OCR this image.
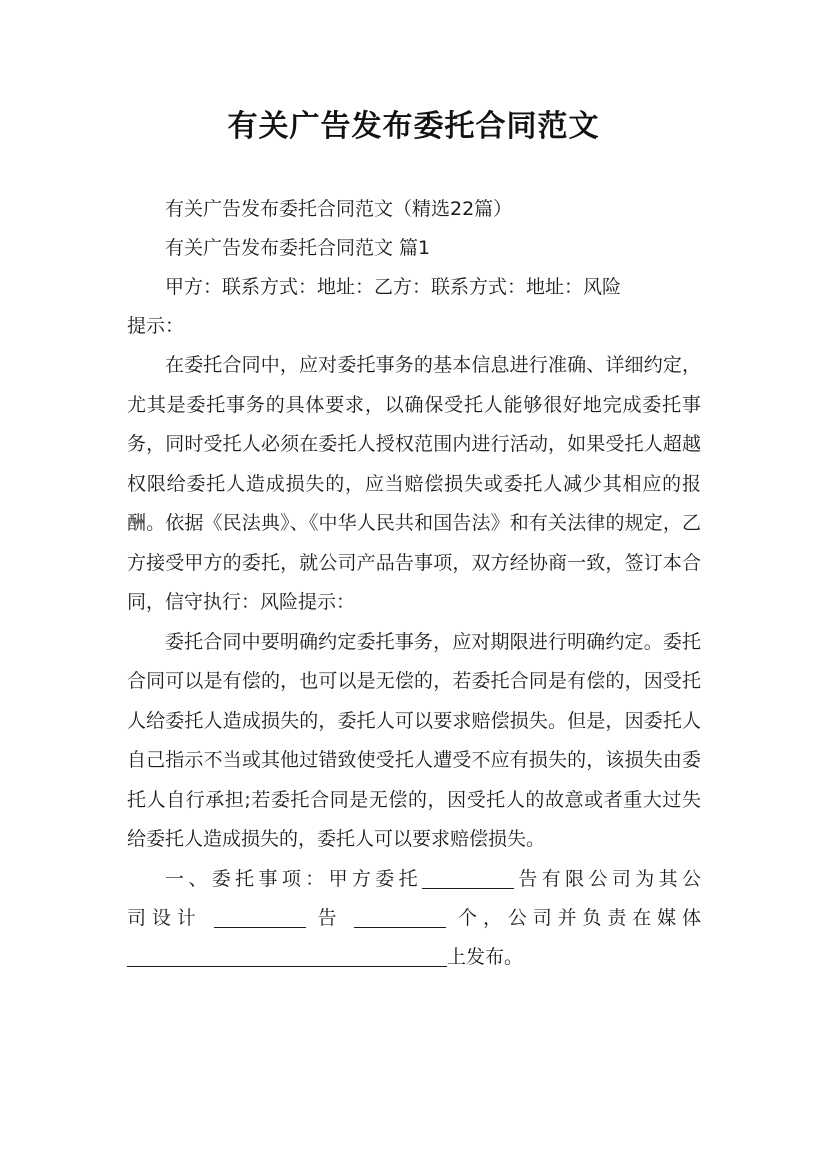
有关广告发布委托合同范文

有关广告发布委托合同范文（精选22篇）

有关广告发布委托合同范文 篇1

甲方：联系方式：地址：乙方：联系方式：地址：风险

提示：

在委托合同中，应对委托事务的基本信息进行准确、详细约定，尤其是委托事务的具体要求，以确保受托人能够很好地完成委托事务，同时受托人必须在委托人授权范围内进行活动，如果受托人超越权限给委托人造成损失的，应当赔偿损失或委托人减少其相应的报酬。依据《民法典》、《中华人民共和国告法》和有关法律的规定，乙方接受甲方的委托，就公司产品告事项，双方经协商一致，签订本合同，信守执行：风险提示：

委托合同中要明确约定委托事务，应对期限进行明确约定。委托合同可以是有偿的，也可以是无偿的，若委托合同是有偿的，因受托人给委托人造成损失的，委托人可以要求赔偿损失。但是，因委托人自己指示不当或其他过错致使受托人遭受不应有损失的，该损失由委托人自行承担;若委托合同是无偿的，因受托人的故意或者重大过失给委托人造成损失的，委托人可以要求赔偿损失。

一、委托事项：甲方委托	告有限公司为其公

司设计	告	个，公司并负责在媒体

上发布。
